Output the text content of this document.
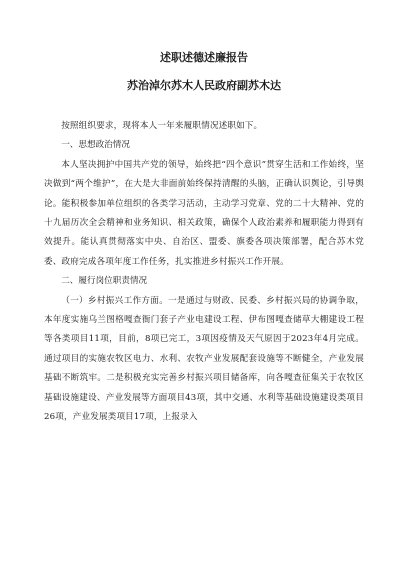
述职述德述廉报告

苏治淖尔苏木人民政府副苏木达

按照组织要求，现将本人一年来履职情况述职如下。

一、思想政治情况

本人坚决拥护中国共产党的领导，始终把“四个意识”贯穿生活和工作始终，坚决做到“两个维护”，在大是大非面前始终保持清醒的头脑，正确认识舆论，引导舆论。能积极参加单位组织的各类学习活动，主动学习党章、党的二十大精神、党的十九届历次全会精神和业务知识、相关政策，确保个人政治素养和履职能力得到有效提升。能认真贯彻落实中央、自治区、盟委、旗委各项决策部署，配合苏木党委、政府完成各项年度工作任务，扎实推进乡村振兴工作开展。

二、履行岗位职责情况

（一）乡村振兴工作方面。一是通过与财政、民委、乡村振兴局的协调争取，本年度实施乌兰图格嘎查衙门套子产业电建设工程、伊布图嘎查储草大棚建设工程等各类项目11项，目前，8项已完工，3项因疫情及天气原因于2023年4月完成。通过项目的实施农牧区电力、水利、农牧产业发展配套设施等不断健全，产业发展基础不断筑牢。二是积极充实完善乡村振兴项目储备库，向各嘎查征集关于农牧区基础设施建设、产业发展等方面项目43项，其中交通、水利等基础设施建设类项目26项，产业发展类项目17项，上报录入
